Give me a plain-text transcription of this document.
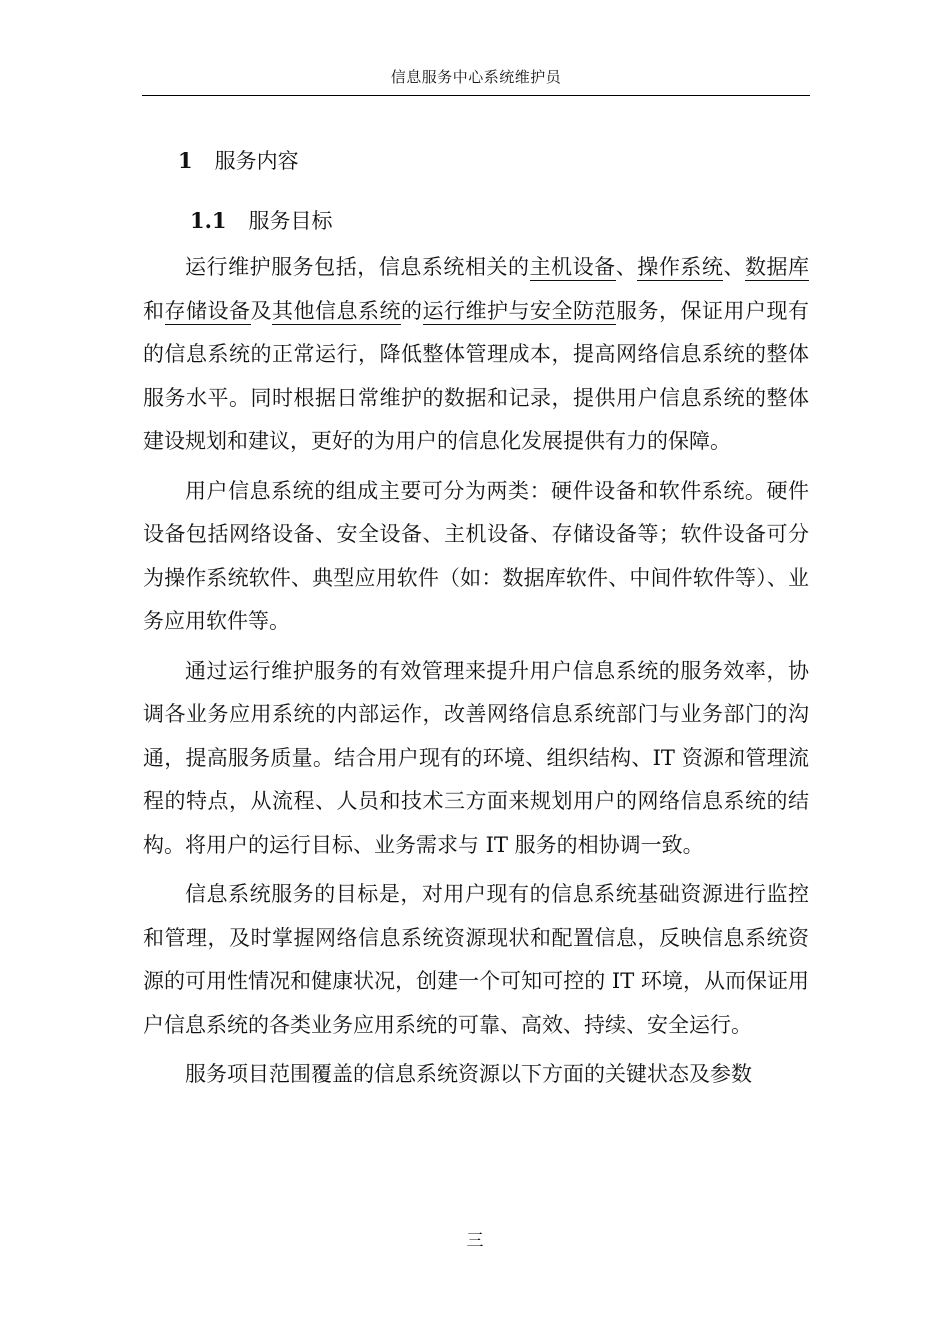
信息服务中心系统维护员
1 服务内容
1.1 服务目标

运行维护服务包括，信息系统相关的主机设备、操作系统、数据库和存储设备及其他信息系统的运行维护与安全防范服务，保证用户现有的信息系统的正常运行，降低整体管理成本，提高网络信息系统的整体服务水平。同时根据日常维护的数据和记录，提供用户信息系统的整体建设规划和建议，更好的为用户的信息化发展提供有力的保障。

用户信息系统的组成主要可分为两类：硬件设备和软件系统。硬件设备包括网络设备、安全设备、主机设备、存储设备等；软件设备可分为操作系统软件、典型应用软件（如：数据库软件、中间件软件等）、业务应用软件等。

通过运行维护服务的有效管理来提升用户信息系统的服务效率，协调各业务应用系统的内部运作，改善网络信息系统部门与业务部门的沟通，提高服务质量。结合用户现有的环境、组织结构、IT 资源和管理流程的特点，从流程、人员和技术三方面来规划用户的网络信息系统的结构。将用户的运行目标、业务需求与 IT 服务的相协调一致。

信息系统服务的目标是，对用户现有的信息系统基础资源进行监控和管理，及时掌握网络信息系统资源现状和配置信息，反映信息系统资源的可用性情况和健康状况，创建一个可知可控的 IT 环境，从而保证用户信息系统的各类业务应用系统的可靠、高效、持续、安全运行。

服务项目范围覆盖的信息系统资源以下方面的关键状态及参数

三
